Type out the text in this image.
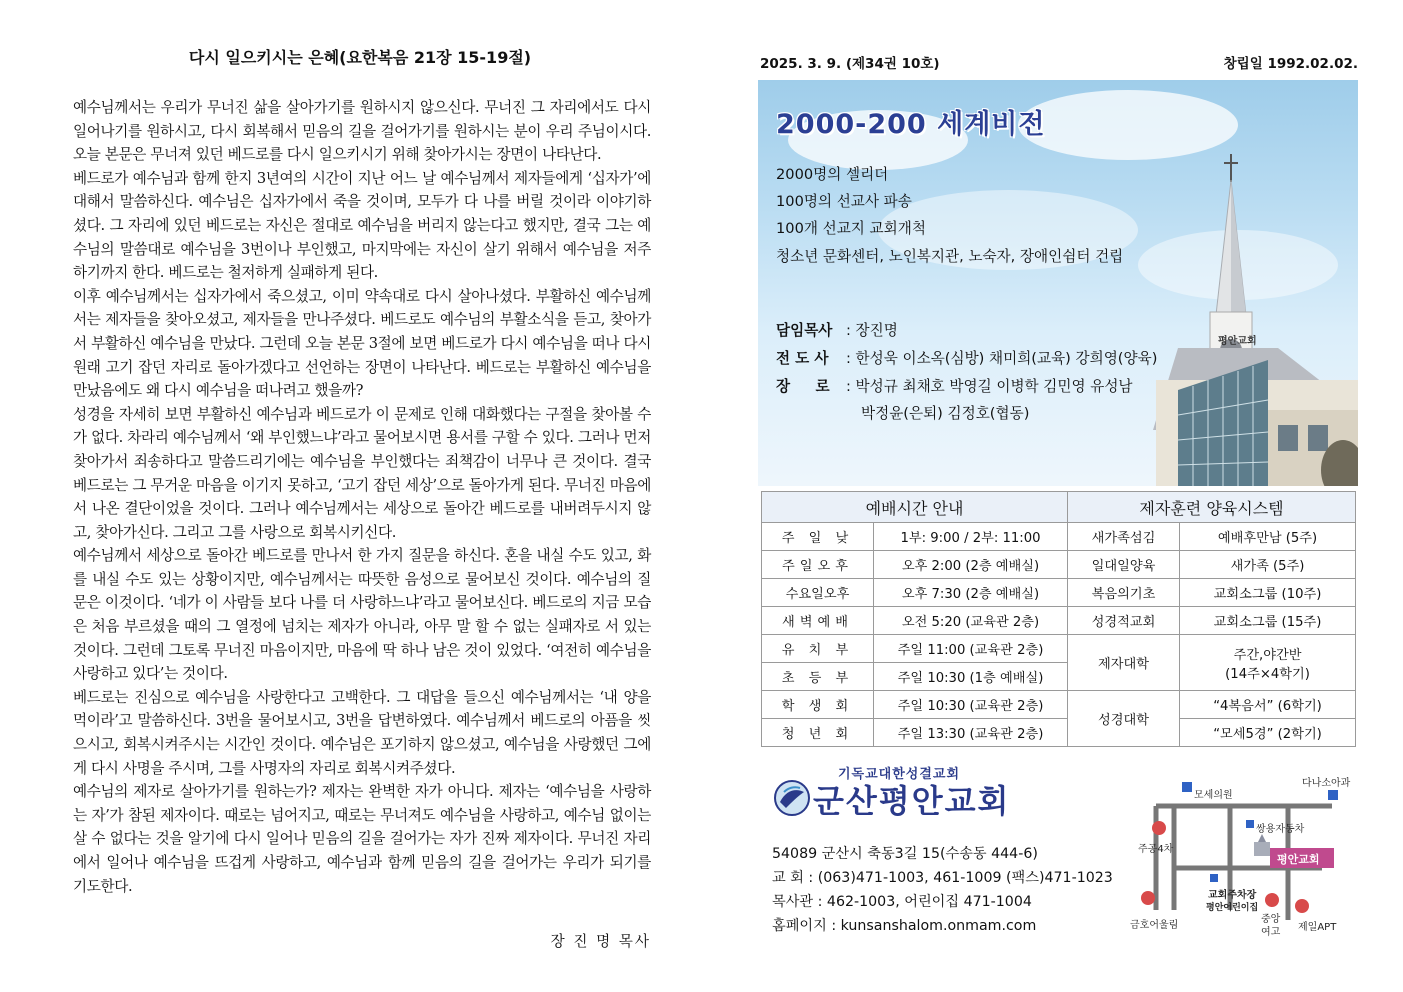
다시 일으키시는 은혜(요한복음 21장 15-19절)

예수님께서는 우리가 무너진 삶을 살아가기를 원하시지 않으신다. 무너진 그 자리에서도 다시 일어나기를 원하시고, 다시 회복해서 믿음의 길을 걸어가기를 원하시는 분이 우리 주님이시다. 오늘 본문은 무너져 있던 베드로를 다시 일으키시기 위해 찾아가시는 장면이 나타난다.

베드로가 예수님과 함께 한지 3년여의 시간이 지난 어느 날 예수님께서 제자들에게 ‘십자가’에 대해서 말씀하신다. 예수님은 십자가에서 죽을 것이며, 모두가 다 나를 버릴 것이라 이야기하셨다. 그 자리에 있던 베드로는 자신은 절대로 예수님을 버리지 않는다고 했지만, 결국 그는 예수님의 말씀대로 예수님을 3번이나 부인했고, 마지막에는 자신이 살기 위해서 예수님을 저주하기까지 한다. 베드로는 철저하게 실패하게 된다.

이후 예수님께서는 십자가에서 죽으셨고, 이미 약속대로 다시 살아나셨다. 부활하신 예수님께서는 제자들을 찾아오셨고, 제자들을 만나주셨다. 베드로도 예수님의 부활소식을 듣고, 찾아가서 부활하신 예수님을 만났다. 그런데 오늘 본문 3절에 보면 베드로가 다시 예수님을 떠나 다시 원래 고기 잡던 자리로 돌아가겠다고 선언하는 장면이 나타난다. 베드로는 부활하신 예수님을 만났음에도 왜 다시 예수님을 떠나려고 했을까?

성경을 자세히 보면 부활하신 예수님과 베드로가 이 문제로 인해 대화했다는 구절을 찾아볼 수가 없다. 차라리 예수님께서 ‘왜 부인했느냐’라고 물어보시면 용서를 구할 수 있다. 그러나 먼저 찾아가서 죄송하다고 말씀드리기에는 예수님을 부인했다는 죄책감이 너무나 큰 것이다. 결국 베드로는 그 무거운 마음을 이기지 못하고, ‘고기 잡던 세상’으로 돌아가게 된다. 무너진 마음에서 나온 결단이었을 것이다. 그러나 예수님께서는 세상으로 돌아간 베드로를 내버려두시지 않고, 찾아가신다. 그리고 그를 사랑으로 회복시키신다.

예수님께서 세상으로 돌아간 베드로를 만나서 한 가지 질문을 하신다. 혼을 내실 수도 있고, 화를 내실 수도 있는 상황이지만, 예수님께서는 따뜻한 음성으로 물어보신 것이다. 예수님의 질문은 이것이다. ‘네가 이 사람들 보다 나를 더 사랑하느냐’라고 물어보신다. 베드로의 지금 모습은 처음 부르셨을 때의 그 열정에 넘치는 제자가 아니라, 아무 말 할 수 없는 실패자로 서 있는 것이다. 그런데 그토록 무너진 마음이지만, 마음에 딱 하나 남은 것이 있었다. ‘여전히 예수님을 사랑하고 있다’는 것이다.

베드로는 진심으로 예수님을 사랑한다고 고백한다. 그 대답을 들으신 예수님께서는 ‘내 양을 먹이라’고 말씀하신다. 3번을 물어보시고, 3번을 답변하였다. 예수님께서 베드로의 아픔을 씻으시고, 회복시켜주시는 시간인 것이다. 예수님은 포기하지 않으셨고, 예수님을 사랑했던 그에게 다시 사명을 주시며, 그를 사명자의 자리로 회복시켜주셨다.

예수님의 제자로 살아가기를 원하는가? 제자는 완벽한 자가 아니다. 제자는 ‘예수님을 사랑하는 자’가 참된 제자이다. 때로는 넘어지고, 때로는 무너져도 예수님을 사랑하고, 예수님 없이는 살 수 없다는 것을 알기에 다시 일어나 믿음의 길을 걸어가는 자가 진짜 제자이다. 무너진 자리에서 일어나 예수님을 뜨겁게 사랑하고, 예수님과 함께 믿음의 길을 걸어가는 우리가 되기를 기도한다.

장 진 명 목사
2025. 3. 9. (제34권 10호)	창립일 1992.02.02.
평안교회
2000-200 세계비전
2000명의 셀리더
100명의 선교사 파송
100개 선교지 교회개척
청소년 문화센터, 노인복지관, 노숙자, 장애인쉼터 건립
담임목사 : 장진명
전 도 사 : 한성욱 이소옥(심방) 채미희(교육) 강희영(양육)
장     로 : 박성규 최채호 박영길 이병학 김민영 유성남
박정윤(은퇴) 김정호(협동)
예배시간 안내		제자훈련 양육시스템	
주 일 낮	1부: 9:00 / 2부: 11:00	새가족섬김	예배후만남 (5주)
주일오후	오후 2:00 (2층 예배실)	일대일양육	새가족 (5주)
수요일오후	오후 7:30 (2층 예배실)	복음의기초	교회소그룹 (10주)
새벽예배	오전 5:20 (교육관 2층)	성경적교회	교회소그룹 (15주)
유 치 부	주일 11:00 (교육관 2층)	제자대학	주간,야간반
(14주×4학기)

초 등 부	주일 10:30 (1층 예배실)		
학 생 회	주일 10:30 (교육관 2층)	성경대학	“4복음서” (6학기)
청 년 회	주일 13:30 (교육관 2층)		“모세5경” (2학기)
기독교대한성결교회
군산평안교회
54089 군산시 축동3길 15(수송동 444-6)
교 회 : (063)471-1003, 461-1009 (팩스)471-1023
목사관 : 462-1003, 어린이집 471-1004
홈페이지 : kunsanshalom.onmam.com
모세의원
다나소아과
쌍용자동차
주공4차
평안교회
교회주차장
평안어린이집
금호어울림
중앙
여고 제일APT
